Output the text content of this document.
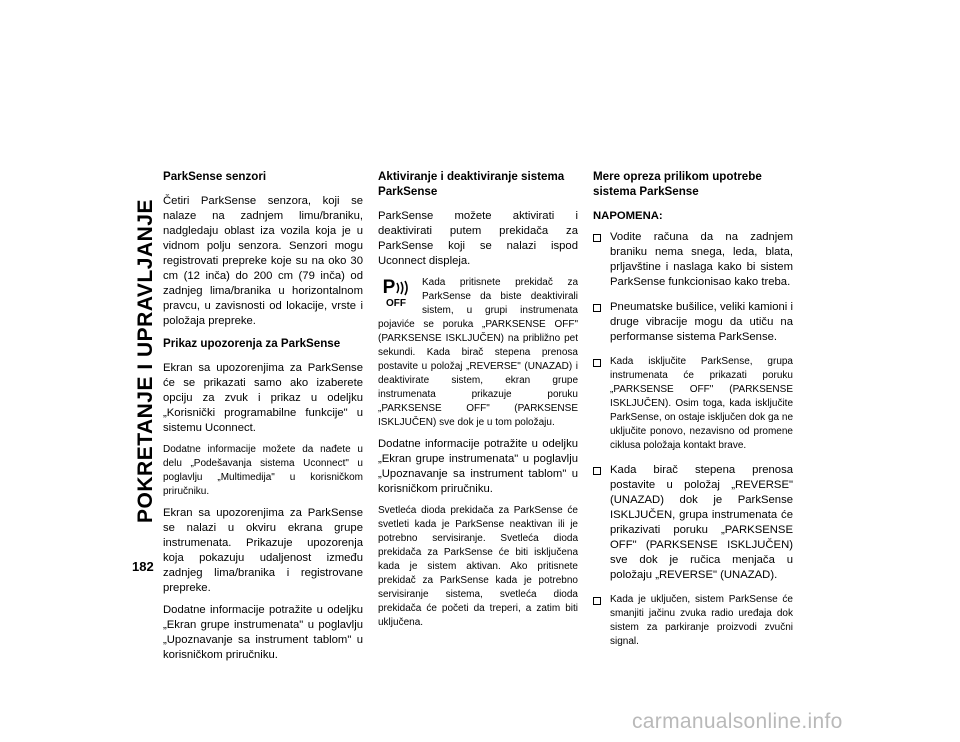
POKRETANJE I UPRAVLJANJE
182
ParkSense senzori

Četiri ParkSense senzora, koji se nalaze na zadnjem limu/braniku, nadgledaju oblast iza vozila koja je u vidnom polju senzora. Senzori mogu registrovati prepreke koje su na oko 30 cm (12 inča) do 200 cm (79 inča) od zadnjeg lima/branika u horizontalnom pravcu, u zavisnosti od lokacije, vrste i položaja prepreke.

Prikaz upozorenja za ParkSense

Ekran sa upozorenjima za ParkSense će se prikazati samo ako izaberete opciju za zvuk i prikaz u odeljku „Korisnički programabilne funkcije" u sistemu Uconnect.

Dodatne informacije možete da nađete u delu „Podešavanja sistema Uconnect" u poglavlju „Multimedija" u korisničkom priručniku.

Ekran sa upozorenjima za ParkSense se nalazi u okviru ekrana grupe instrumenata. Prikazuje upozorenja koja pokazuju udaljenost između zadnjeg lima/branika i registrovane prepreke.

Dodatne informacije potražite u odeljku „Ekran grupe instrumenata" u poglavlju „Upoznavanje sa instrument tablom" u korisničkom priručniku.

Aktiviranje i deaktiviranje sistema ParkSense

ParkSense možete aktivirati i deaktivirati putem prekidača za ParkSense koji se nalazi ispod Uconnect displeja.

P
OFF

Kada pritisnete prekidač za ParkSense da biste deaktivirali sistem, u grupi instrumenata pojaviće se poruka „PARKSENSE OFF" (PARKSENSE ISKLJUČEN) na približno pet sekundi. Kada birač stepena prenosa postavite u položaj „REVERSE" (UNAZAD) i deaktivirate sistem, ekran grupe instrumenata prikazuje poruku „PARKSENSE OFF" (PARKSENSE ISKLJUČEN) sve dok je u tom položaju.

Dodatne informacije potražite u odeljku „Ekran grupe instrumenata" u poglavlju „Upoznavanje sa instrument tablom" u korisničkom priručniku.

Svetleća dioda prekidača za ParkSense će svetleti kada je ParkSense neaktivan ili je potrebno servisiranje. Svetleća dioda prekidača za ParkSense će biti isključena kada je sistem aktivan. Ako pritisnete prekidač za ParkSense kada je potrebno servisiranje sistema, svetleća dioda prekidača će početi da treperi, a zatim biti uključena.

Mere opreza prilikom upotrebe sistema ParkSense
NAPOMENA:
Vodite računa da na zadnjem braniku nema snega, leda, blata, prljavštine i naslaga kako bi sistem ParkSense funkcionisao kako treba.
Pneumatske bušilice, veliki kamioni i druge vibracije mogu da utiču na performanse sistema ParkSense.
Kada isključite ParkSense, grupa instrumenata će prikazati poruku „PARKSENSE OFF" (PARKSENSE ISKLJUČEN). Osim toga, kada isključite ParkSense, on ostaje isključen dok ga ne uključite ponovo, nezavisno od promene ciklusa položaja kontakt brave.
Kada birač stepena prenosa postavite u položaj „REVERSE" (UNAZAD) dok je ParkSense ISKLJUČEN, grupa instrumenata će prikazivati poruku „PARKSENSE OFF" (PARKSENSE ISKLJUČEN) sve dok je ručica menjača u položaju „REVERSE" (UNAZAD).
Kada je uključen, sistem ParkSense će smanjiti jačinu zvuka radio uređaja dok sistem za parkiranje proizvodi zvučni signal.
carmanualsonline.info
